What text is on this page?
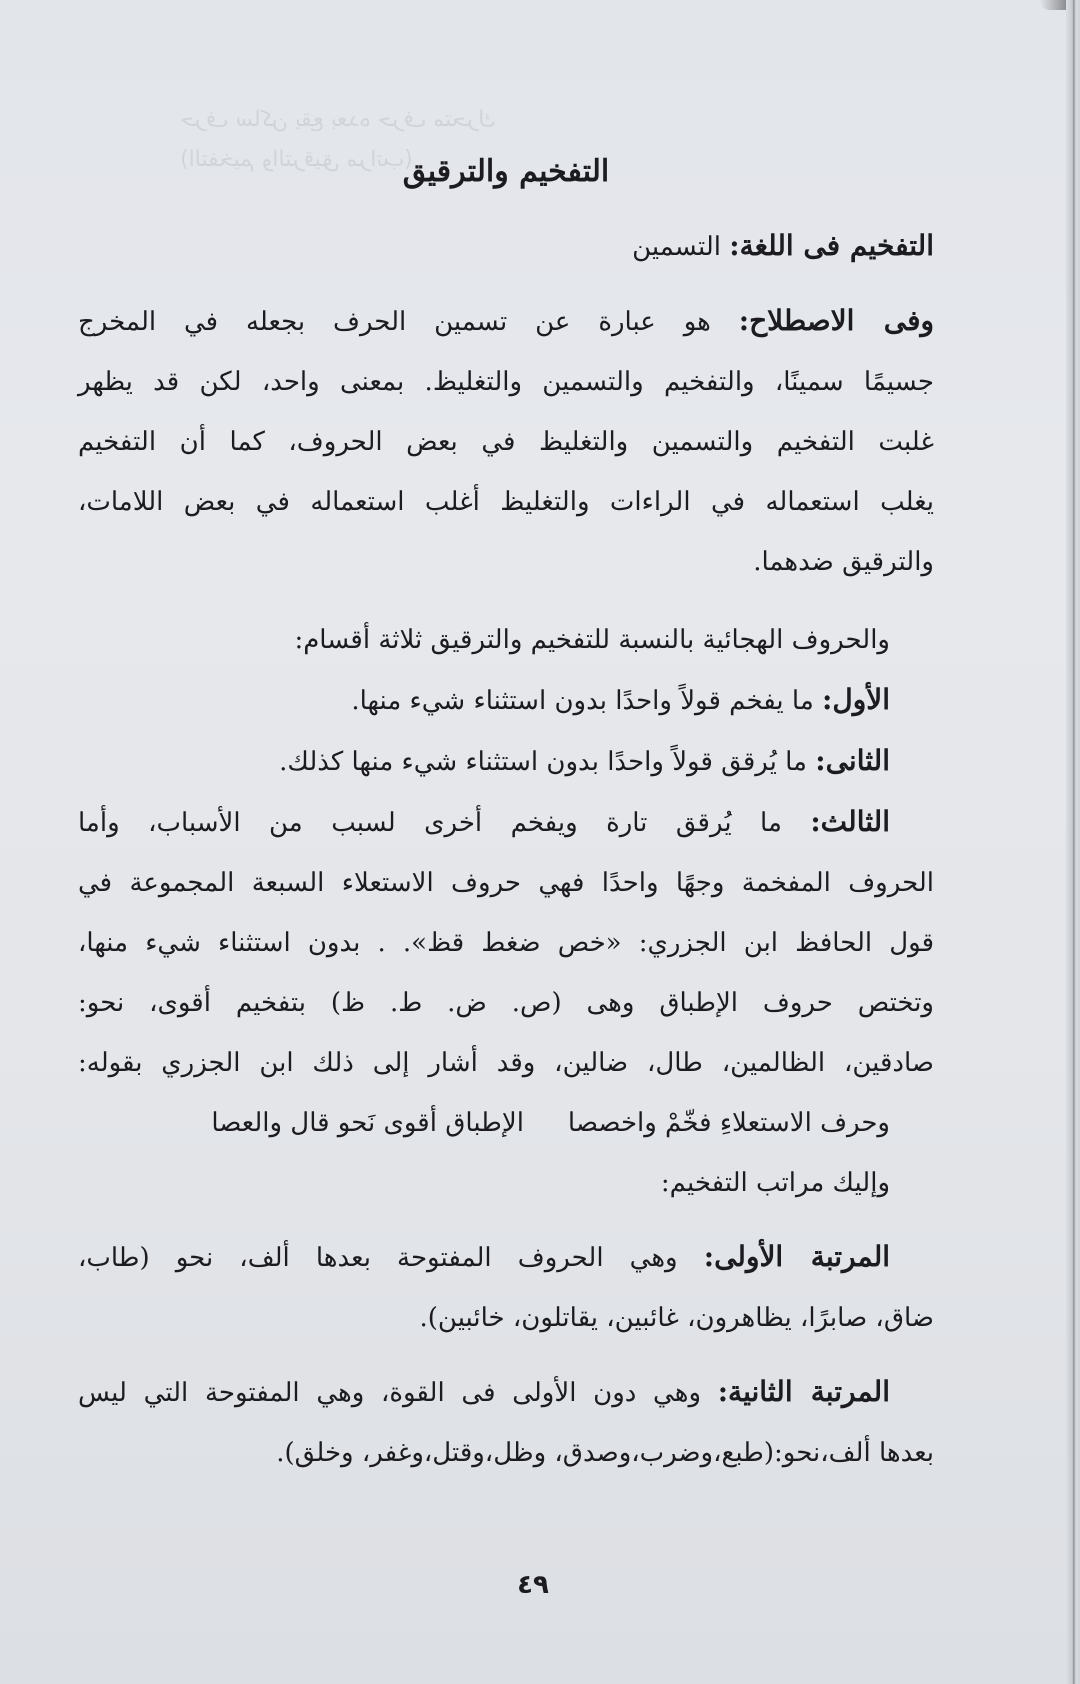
حرف ساكن يقع بعده حرف متحرك
(التفخيم والترقيق مراتب)
التفخيم والترقيق
التفخيم فى اللغة: التسمين
وفى الاصطلاح: هو عبارة عن تسمين الحرف بجعله في المخرج
جسيمًا سمينًا، والتفخيم والتسمين والتغليظ. بمعنى واحد، لكن قد يظهر
غلبت التفخيم والتسمين والتغليظ في بعض الحروف، كما أن التفخيم
يغلب استعماله في الراءات والتغليظ أغلب استعماله في بعض اللامات،
والترقيق ضدهما.
والحروف الهجائية بالنسبة للتفخيم والترقيق ثلاثة أقسام:
الأول: ما يفخم قولاً واحدًا بدون استثناء شيء منها.
الثانى: ما يُرقق قولاً واحدًا بدون استثناء شيء منها كذلك.
الثالث: ما يُرقق تارة ويفخم أخرى لسبب من الأسباب، وأما
الحروف المفخمة وجهًا واحدًا فهي حروف الاستعلاء السبعة المجموعة في
قول الحافظ ابن الجزري: «خص ضغط قظ». . بدون استثناء شيء منها،
وتختص حروف الإطباق وهى (ص. ض. ط. ظ) بتفخيم أقوى، نحو:
صادقين، الظالمين، طال، ضالين، وقد أشار إلى ذلك ابن الجزري بقوله:
وحرف الاستعلاءِ فخّمْ واخصصا
الإطباق أقوى نَحو قال والعصا
وإليك مراتب التفخيم:
المرتبة الأولى: وهي الحروف المفتوحة بعدها ألف، نحو (طاب،
ضاق، صابرًا، يظاهرون، غائبين، يقاتلون، خائبين).
المرتبة الثانية: وهي دون الأولى فى القوة، وهي المفتوحة التي ليس
بعدها ألف،نحو:(طبع،وضرب،وصدق، وظل،وقتل،وغفر، وخلق).
٤٩
